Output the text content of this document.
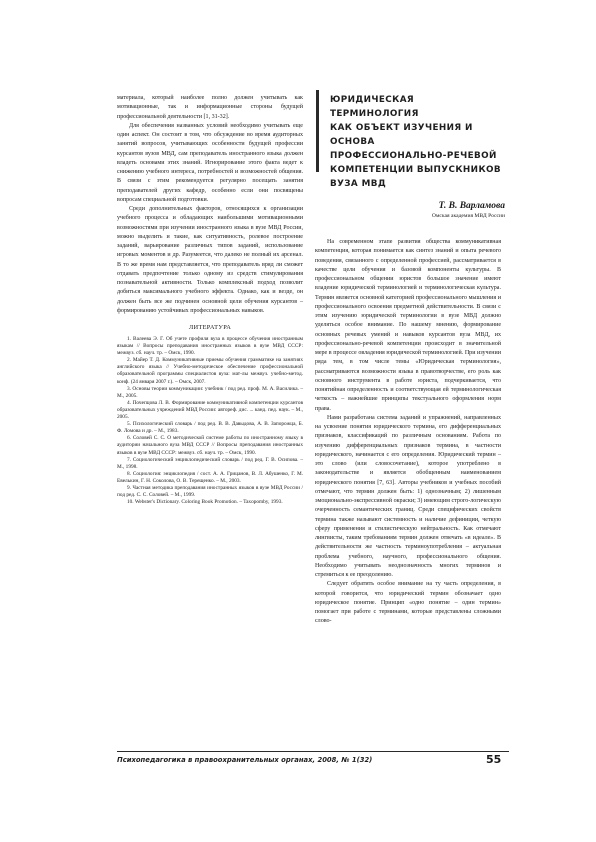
материала, который наиболее полно должен учитывать как мотивационные, так и информационные стороны будущей профессиональной деятельности [1, 31-32].

Для обеспечения названных условий необходимо учитывать еще один аспект. Он состоит в том, что обсуждение во время аудиторных занятий вопросов, учитывающих особенности будущей профессии курсантов вузов МВД, сам преподаватель иностранного языка должен владеть основами этих знаний. Игнорирование этого факта ведет к снижению учебного интереса, потребностей и возможностей общения. В связи с этим рекомендуется регулярно посещать занятия преподавателей других кафедр, особенно если они посвящены вопросам специальной подготовки.

Среди дополнительных факторов, относящихся к организации учебного процесса и обладающих наибольшими мотивационными возможностями при изучении иностранного языка в вузе МВД России, можно выделить и такие, как ситуативность, ролевое построение заданий, варьирование различных типов заданий, использование игровых моментов и др. Разумеется, что далеко не полный их арсенал. В то же время нам представляется, что преподаватель вряд ли сможет отдавать предпочтение только одному из средств стимулирования познавательной активности. Только комплексный подход позволит добиться максимального учебного эффекта. Однако, как и везде, он должен быть все же подчинен основной цели обучения курсантов – формированию устойчивых профессиональных навыков.

ЛИТЕРАТУРА

1. Валеева Э. Г. Об учете профиля вуза в процессе обучения иностранным языкам // Вопросы преподавания иностранных языков в вузе МВД СССР: межвуз. сб. науч. тр. – Омск, 1990.

2. Майер Т. Д. Коммуникативные приемы обучения грамматике на занятиях английского языка // Учебно-методическое обеспечение профессиональной образовательной программы специалистов вуза: мат-лы межвуз. учебно-метод. конф. (24 января 2007 г.). – Омск, 2007.

3. Основы теории коммуникации: учебник / под ред. проф. М. А. Василика. – М., 2005.

4. Почепцова Л. В. Формирование коммуникативной компетенции курсантов образовательных учреждений МВД России: автореф. дис. ... канд. пед. наук. – М., 2005.

5. Психологический словарь / под ред. В. В. Давыдова, А. В. Запорожца, Б. Ф. Ломова и др. – М., 1983.

6. Соловей С. С. О методической системе работы по иностранному языку в аудитории начального вуза МВД СССР // Вопросы преподавания иностранных языков в вузе МВД СССР: межвуз. сб. науч. тр. – Омск, 1990.

7. Социологический энциклопедический словарь / под ред. Г. В. Осипова. – М., 1998.

8. Социология: энциклопедия / сост. А. А. Грицанов, В. Л. Абушенко, Г. М. Евелькин, Г. Н. Соколова, О. В. Терещенко. – М., 2003.

9. Частная методика преподавания иностранных языков в вузе МВД России / под ред. С. С. Соловей. – М., 1999.

10. Webster's Dictionary. Coloring Book Promotion. – Taxopomby, 1993.

ЮРИДИЧЕСКАЯ ТЕРМИНОЛОГИЯ
КАК ОБЪЕКТ ИЗУЧЕНИЯ И ОСНОВА
ПРОФЕССИОНАЛЬНО-РЕЧЕВОЙ
КОМПЕТЕНЦИИ ВЫПУСКНИКОВ ВУЗА МВД
Т. В. Варламова
Омская академия МВД России

На современном этапе развития общества коммуникативная компетенция, которая понимается как синтез знаний и опыта речевого поведения, связанного с определенной профессией, рассматривается в качестве цели обучения и базовой компоненты культуры. В профессиональном общении юристов большое значение имеют владение юридической терминологией и терминологическая культура. Термин является основной категорией профессионального мышления и профессионального освоения предметной действительности. В связи с этим изучению юридической терминологии в вузе МВД должно уделяться особое внимание. По нашему мнению, формирование основных речевых умений и навыков курсантов вуза МВД, их профессионально-речевой компетенции происходит в значительной мере в процессе овладения юридической терминологией. При изучении ряда тем, в том числе темы «Юридическая терминология», рассматриваются возможности языка в правотворчестве, его роль как основного инструмента в работе юриста, подчеркивается, что понятийная определенность и соответствующая ей терминологическая четкость – важнейшие принципы текстуального оформления норм права.

Нами разработана система заданий и упражнений, направленных на усвоение понятия юридического термина, его дифференциальных признаков, классификаций по различным основаниям. Работа по изучению дифференциальных признаков термина, в частности юридического, начинается с его определения. Юридический термин – это слово (или словосочетание), которое употреблено в законодательстве и является обобщенным наименованием юридического понятия [7, 63]. Авторы учебников и учебных пособий отмечают, что термин должен быть: 1) однозначным; 2) лишенным эмоционально-экспрессивной окраски; 3) имеющим строго-логическую очерченность семантических границ. Среди специфических свойств термина также называют системность и наличие дефиниции, четкую сферу применения и стилистическую нейтральность. Как отмечают лингвисты, таким требованиям термин должен отвечать «в идеале». В действительности же частность терминоупотребления – актуальная проблема учебного, научного, профессионального общения. Необходимо учитывать неоднозначность многих терминов и стремиться к ее преодолению.

Следует обратить особое внимание на ту часть определения, в которой говорится, что юридический термин обозначает одно юридическое понятие. Принцип «одно понятие – один термин» помогает при работе с терминами, которые представлены сложными слово-

Психопедагогика в правоохранительных органах, 2008, № 1(32)	55
